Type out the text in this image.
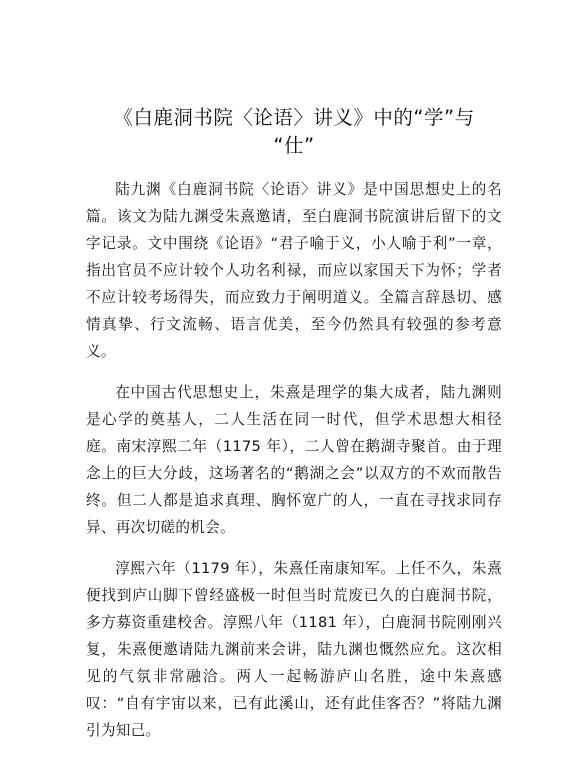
《白鹿洞书院〈论语〉讲义》中的“学”与
“仕”

陆九渊《白鹿洞书院〈论语〉讲义》是中国思想史上的名篇。该文为陆九渊受朱熹邀请，至白鹿洞书院演讲后留下的文字记录。文中围绕《论语》“君子喻于义，小人喻于利”一章，指出官员不应计较个人功名利禄，而应以家国天下为怀；学者不应计较考场得失，而应致力于阐明道义。全篇言辞恳切、感情真挚、行文流畅、语言优美，至今仍然具有较强的参考意义。

在中国古代思想史上，朱熹是理学的集大成者，陆九渊则是心学的奠基人，二人生活在同一时代，但学术思想大相径庭。南宋淳熙二年（1175 年），二人曾在鹅湖寺聚首。由于理念上的巨大分歧，这场著名的“鹅湖之会”以双方的不欢而散告终。但二人都是追求真理、胸怀宽广的人，一直在寻找求同存异、再次切磋的机会。

淳熙六年（1179 年），朱熹任南康知军。上任不久，朱熹便找到庐山脚下曾经盛极一时但当时荒废已久的白鹿洞书院，多方募资重建校舍。淳熙八年（1181 年），白鹿洞书院刚刚兴复，朱熹便邀请陆九渊前来会讲，陆九渊也慨然应允。这次相见的气氛非常融洽。两人一起畅游庐山名胜，途中朱熹感叹：“自有宇宙以来，已有此溪山，还有此佳客否？”将陆九渊引为知己。
